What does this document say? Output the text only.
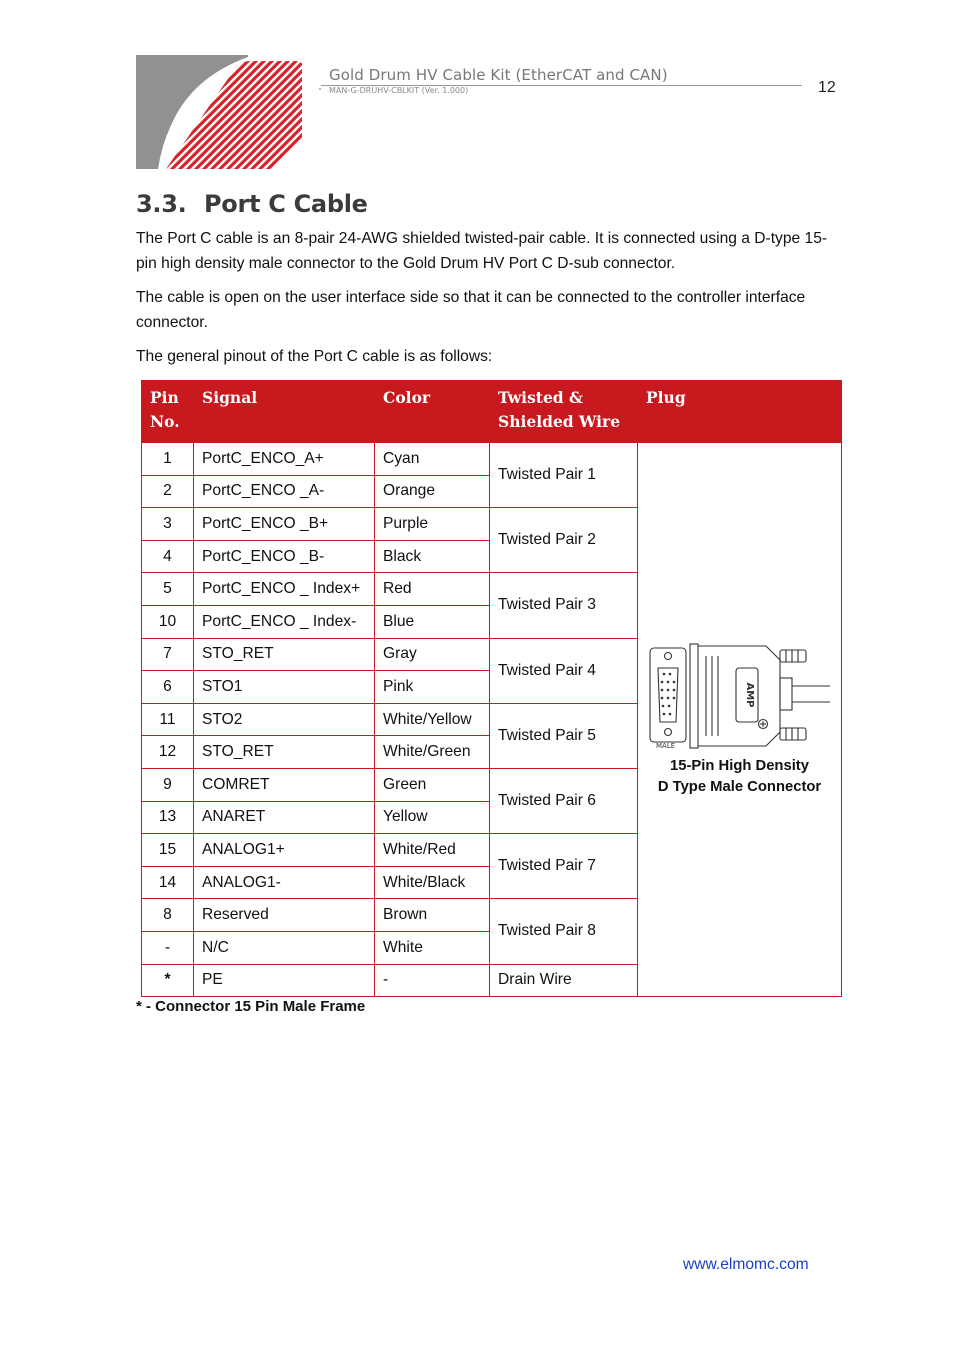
Gold Drum HV Cable Kit (EtherCAT and CAN)
MAN-G-DRUHV-CBLKIT (Ver. 1.000)	12
3.3. Port C Cable
The Port C cable is an 8-pair 24-AWG shielded twisted-pair cable. It is connected using a D-type 15-pin high density male connector to the Gold Drum HV Port C D-sub connector.
The cable is open on the user interface side so that it can be connected to the controller interface connector.
The general pinout of the Port C cable is as follows:
Pin
No.	Signal	Color	Twisted &
Shielded Wire	Plug
1	PortC_ENCO_A+	Cyan	Twisted Pair 1	AMP
MALE
15-Pin High Density
D Type Male Connector

2	PortC_ENCO _A-	Orange		
3	PortC_ENCO _B+	Purple	Twisted Pair 2	
4	PortC_ENCO _B-	Black		
5	PortC_ENCO _ Index+	Red	Twisted Pair 3	
10	PortC_ENCO _ Index-	Blue		
7	STO_RET	Gray	Twisted Pair 4	
6	STO1	Pink		
11	STO2	White/Yellow	Twisted Pair 5	
12	STO_RET	White/Green		
9	COMRET	Green	Twisted Pair 6	
13	ANARET	Yellow		
15	ANALOG1+	White/Red	Twisted Pair 7	
14	ANALOG1-	White/Black		
8	Reserved	Brown	Twisted Pair 8	
-	N/C	White		
*	PE	-	Drain Wire	
* - Connector 15 Pin Male Frame
www.elmomc.com
